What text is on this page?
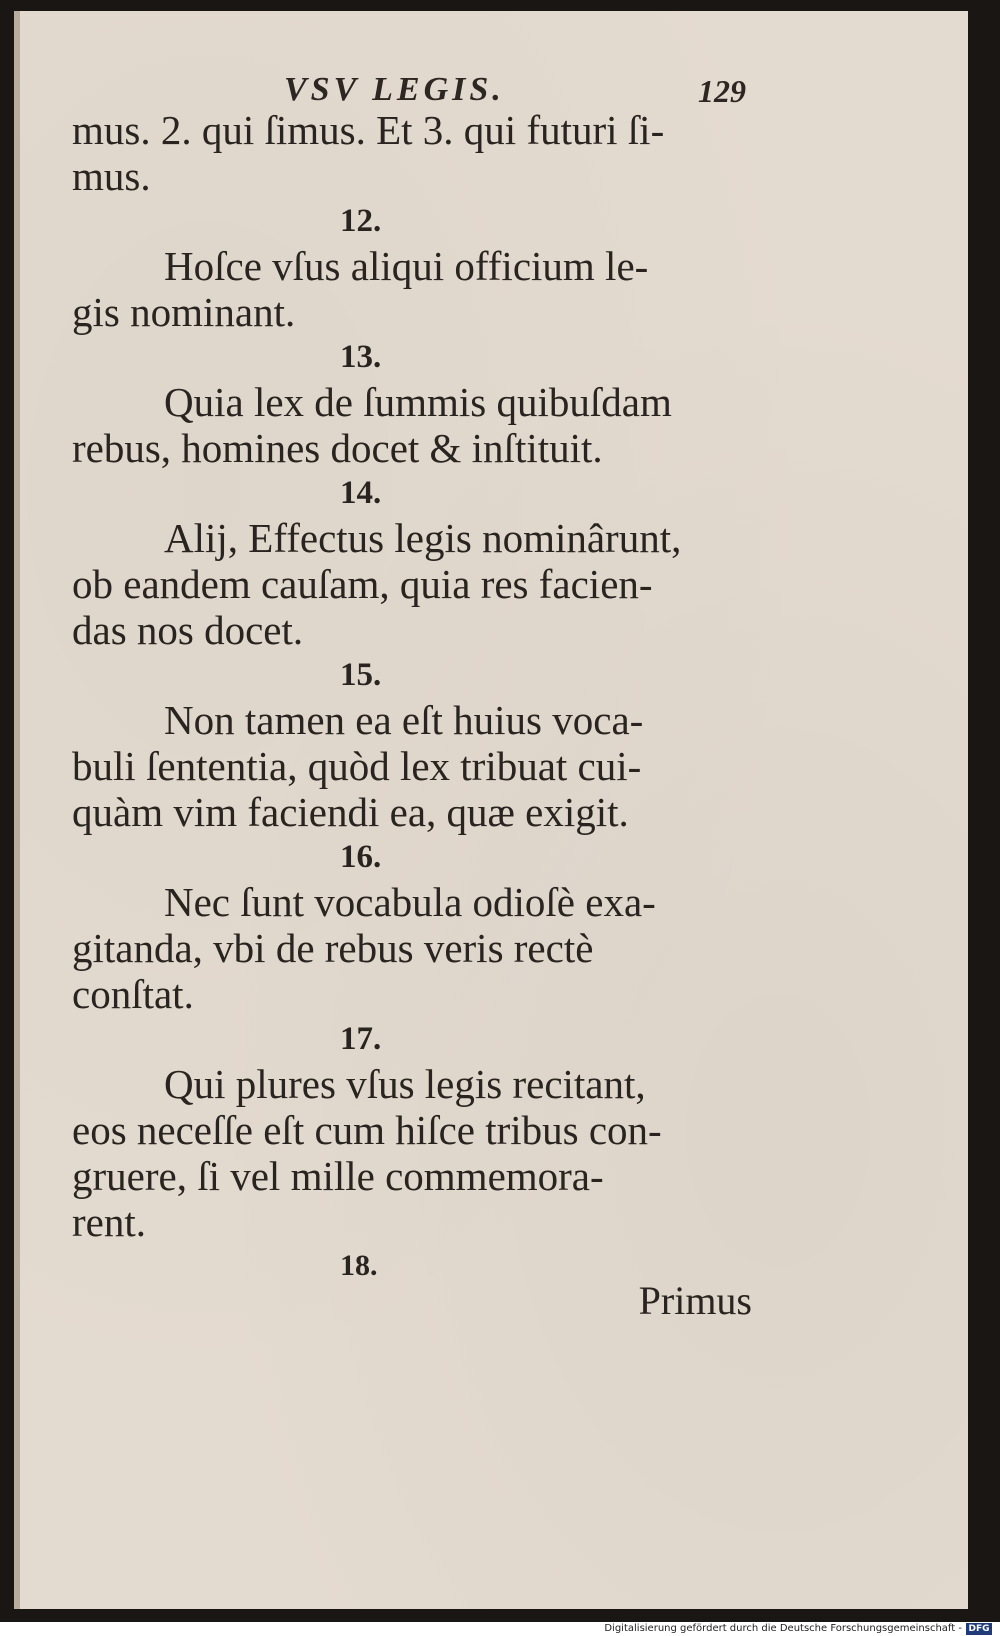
VSV LEGIS.	129
mus. 2. qui ſimus. Et 3. qui futuri ſi-
mus.
12.
Hoſce vſus aliqui officium le-
gis nominant.
13.
Quia lex de ſummis quibuſdam
rebus, homines docet & inſtituit.
14.
Alij, Effectus legis nominârunt,
ob eandem cauſam, quia res facien-
das nos docet.
15.
Non tamen ea eſt huius voca-
buli ſententia, quòd lex tribuat cui-
quàm vim faciendi ea, quæ exigit.
16.
Nec ſunt vocabula odioſè exa-
gitanda, vbi de rebus veris rectè
conſtat.
17.
Qui plures vſus legis recitant,
eos neceſſe eſt cum hiſce tribus con-
gruere, ſi vel mille commemora-
rent.
18.
Primus
Digitalisierung gefördert durch die Deutsche Forschungsgemeinschaft - DFG
